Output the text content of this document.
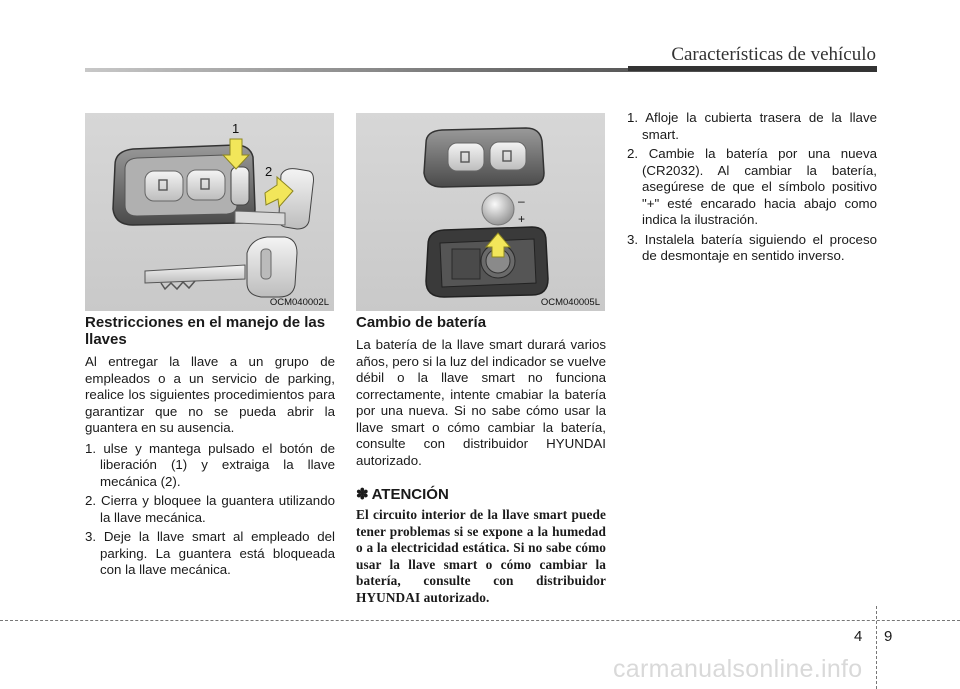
Características de vehículo
1
2
OCM040002L
–
+
OCM040005L
Restricciones en el manejo de las llaves

Al entregar la llave a un grupo de empleados o a un servicio de parking, realice los siguientes procedimientos para garantizar que no se pueda abrir la guantera en su ausencia.

1. ulse y mantega pulsado el botón de liberación (1) y extraiga la llave mecánica (2).
2. Cierra y bloquee la guantera utilizando la llave mecánica.
3. Deje la llave smart al empleado del parking. La guantera está bloqueada con la llave mecánica.
Cambio de batería

La batería de la llave smart durará varios años, pero si la luz del indicador se vuelve débil o la llave smart no funciona correctamente, intente cmabiar la batería por una nueva. Si no sabe cómo usar la llave smart o cómo cambiar la batería, consulte con distribuidor HYUNDAI autorizado.

✽ ATENCIÓN

El circuito interior de la llave smart puede tener problemas si se expone a la humedad o a la electricidad estática. Si no sabe cómo usar la llave smart o cómo cambiar la batería, consulte con distribuidor HYUNDAI autorizado.

1. Afloje la cubierta trasera de la llave smart.
2. Cambie la batería por una nueva (CR2032). Al cambiar la batería, asegúrese de que el símbolo positivo "+" esté encarado hacia abajo como indica la ilustración.
3. Instalela batería siguiendo el proceso de desmontaje en sentido inverso.
4 9
carmanualsonline.info
